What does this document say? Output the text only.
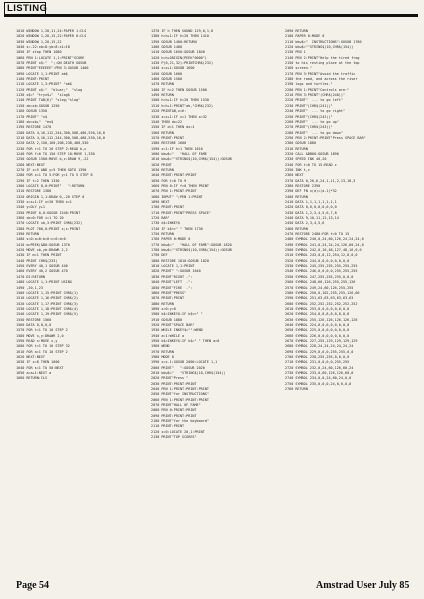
LISTING
1010 WINDOW 1,20,11,24:PAPER 1:CLS
1020 WINDOW 1,20,15,22:PAPER 0:CLS
1030 WINDOW 1,20,15,22
1040 s=-22:xb=8:yb=8:x1=18
1050 IF stop THEN 1080
1060 PEN 1:LOCATE 1,1:PRINT"SCORE
1070 PRINT x$:"  ";:ON DEATH GOSUB
1080 PRINT"EEEEEE":PEN 3:GOSUB 1400
1090 LOCATE 1,1:PRINT ab$
1100 PRINT:PRINT
1110 LOCATE 1,3:PRINT" "ab$
1120 PRINT x$:"  "bluar;"  "slog
1130 x$=" "tryx$+"  "slog$
1140 PRINT TAB(6)" "slog;"slog"
1150 xb=xb:GOSUB 1250
1160 GOSUB 1350
1170 PRINT" "x$
1180 xb=xb+"  "ex$
1190 RESTORE 1470
1200 DATA 4,16,112,244,300,508,480,530,16,8
1210 DATA 4,16,112,244,300,508,480,530,16,8
1220 DATA 2,150,160,208,238,480,530
1230 FOR r=1 TO 20 STEP 2:READ b,c
1240 FOR f=0 TO 150 STEP 10:MOVE 1,330
1250 GOSUB 1500:MOVE b,c:DRAW 9,-22
1260 NEXT:NEXT
1270 IF x=5 AND y=5 THEN GOTO 1390
1280 FOR x=1 TO 5:FOR y=1 TO 5 STEP 8
1290 IF t=2 THEN 1330
1300 LOCATE 8,0:PRINT"   ":RETURN
1310 RESTORE 1380
1320 ORIGIN 1,1:DRAW 0,-20 STEP 8
1330 x=x+1:IF x>20 THEN x=1
1340 y=OLY y+1
1350 PRINT 0,0:GOSUB 1540:PRINT
1360 xb=0:FOR i=1 TO 20
1370 LOCATE xb,3:PRINT CHR$(232)
1380 PLOT 700,0:PRINT x;z:PRINT
1390 RETURN
1400 s=0:a=0:b=0:c=0:d=0
1410 m=PEEK(&B0:GOSUB 1370
1420 MOVE xb,yb:DRAWR 2,2
1430 IF m=1 THEN PRINT
1440 PRINT CHR$(233)
1450 EVERY 40,1 GOSUB 440
1460 EVERY 40,2 GOSUB 470
1470 DI:RETURN
1480 LOCATE 1,1:PRINT USING
1490 ,20,1,23
1500 LOCATE 1,15:PRINT CHR$(1)
1510 LOCATE 1,16:PRINT CHR$(2)
1520 LOCATE 1,17:PRINT CHR$(3)
1530 LOCATE 1,18:PRINT CHR$(4)
1540 LOCATE 1,19:PRINT CHR$(5)
1550 RESTORE 1560
1560 DATA 8,8,0,0
1570 FOR t=1 TO 10 STEP 2
1580 MOVE x,y:DRAWR 2,0
1590 READ x:MOVE x,y
1600 FOR t=1 TO 10 STEP 32
1610 FOR a=1 TO 10 STEP 2
1620 NEXT:NEXT
1630 IF x=8 THEN 1600
1640 FOR s=1 TO 50:NEXT
1650 a=a+1:NEXT a
1660 RETURN:CLS
1370 IF h THEN SOUND 129,0,1,0
1380 h=h+1:IF h=20 THEN 1410
1390 GOSUB 1400:RETURN
1400 GOSUB 1480
1410 GOSUB 1650:GOSUB 1840
1420 h=h+ORIGIN(PEEK"0000")
1430 P(0,21,32):PRINTCHR$(232)
1440 x=x+1:GOSUB 1600
1450 GOSUB 1600
1460 GOSUB 1500
1470 RETURN
1480 IF h=2 THEN GOSUB 1500
1490 RETURN
1500 h=h+1:IF h=20 THEN 1530
1510 h=h+1:PRINT"ab,"CHR$(232)
1520 PRINTAB,x=6:
1530 x=x+1:IF x=1 THEN x=32
1540 THEN dx=22
1550 IF d=1 THEN dx=1
1560 RETURN
1570 PRINT:PRINT
1580 RESTORE 1600
1590 x=1:IF h=1 THEN 1610
1600 bkw$="   "HALL OF FAME
1610 bkw$=""STRING$(10,CHR$(154)):GOSUB
1620 PRINT
1630 RETURN
1640 PRINT:PRINT:PRINT
1650 FOR t=0 TO 9
1660 PEN 0:IF f=0 THEN PRINT
1670 PEN 1:PRINT:PRINT
1680 INPUT" ";PEN 1:PRINT
1690 NEXT
1700 PRINT:PRINT
1710 PRINT:PRINT"PRESS SPACE"
1720 BAR"
1730 k$=INKEY$
1740 IF k$<>" " THEN 1730
1750 RETURN
1760 PAPER 0:MODE 0
1770 bkw$="   "HALL OF FAME":GOSUB 1820
1780 bkw$=""STRING$(10,CHR$(154)):GOSUB
1790 DEF
1800 RESTORE 1810:GOSUB 1820
1810 LOCATE 1,1:PRINT
1820 PRINT" ":GOSUB 1640
1830 PRINT"RIGHT -":
1840 PRINT"LEFT  -":
1850 PRINT"FIRE  -":
1860 PRINT"PRESS"
1870 PRINT:PRINT
1880 RETURN
1890 x=0:y=0
1900 k$=INKEY$:IF k$<>" "
1910 GOSUB 1880
1920 PRINT"SPACE BAR"
1930 WHILE INKEY$="":WEND
1940 a=1:WHILE a
1950 k$=INKEY$:IF k$=" " THEN a=0
1960 WEND
1970 RETURN
1980 MODE 0
1990 x=x-1:GOSUB 2000:LOCATE 1,1
2000 PRINT"   ":GOSUB 2020
2010 bkw$="   "STRING$(10,CHR$(154))
2020 PRINT"Press "
2030 PRINT:PRINT:PRINT
2040 PEN 1:PRINT:PRINT:PRINT
2050 PRINT"for INSTRUCTIONS"
2060 PEN 1:PRINT:PRINT:PRINT
2070 PRINT"HALL OF FAME"
2080 PEN 0:PRINT:PRINT
2090 PRINT:PRINT:PRINT
2100 PRINT"for the keyboard"
2110 PRINT:PRINT
2120 x=0:LOCATE 20,1:PRINT
2130 PRINT"TOP SCORES"
2090 RETURN
2100 PAPER 0:MODE 0
2110 bkw$="  INSTRUCTIONS":GOSUB 1780
2120 bkw$=""STRING$(10,CHR$(154))
2130 PEN 1
2140 PEN 2:PRINT"Help the tired frog
2150 to his resting place at the top
2160 screen."
2170 PEN 3:PRINT"Avoid the traffic
2180 the road, and across the river
2190 logs and turtles."
2200 PEN 1:PRINT"Controls are:"
2210 PEN 3:PRINT"(CHR$(240))"
2220 PRINT"  ... to go left"
2230 PRINT"(CHR$(241))"
2240 PRINT"  ... to go right"
2250 PRINT"(CHR$(242))"
2260 PRINT"  ... to go up"
2270 PRINT"(CHR$(243))"
2280 PRINT"  ... to go down"
2290 PEN 2:PRINT:PRINT"Press SPACE BAR"
2300 GOSUB 1880
2310 RETURN
2320 CALL &BB00:GOSUB 1890
2330 SPEED INK 40,20
2340 FOR t=0 TO 15:READ c
2350 INK t,c
2360 NEXT
2370 DATA 0,26,6,24,1,11,2,13,18,3
2380 RESTORE 2390
2390 DEF FN x(a)=(a-1)*32
2400 RETURN
2410 DATA 1,1,1,1,1,1,1,1
2420 DATA 0,0,0,0,0,0,0,0
2430 DATA 1,2,3,4,5,6,7,8
2440 DATA 9,10,11,12,13,14
2450 DATA 2,3,4,5,6
2460 RETURN
2470 RESTORE 2480:FOR t=0 TO 15
2480 SYMBOL 240,0,24,60,126,24,24,24,0
2490 SYMBOL 241,0,24,24,24,126,60,24,0
2500 SYMBOL 242,0,16,48,127,48,16,0,0
2510 SYMBOL 243,0,8,12,254,12,8,0,0
2520 SYMBOL 244,0,0,0,0,0,0,0,0
2530 SYMBOL 245,255,255,255,255,255
2540 SYMBOL 246,0,0,0,0,255,255,255
2550 SYMBOL 247,255,255,255,0,0,0
2560 SYMBOL 248,60,126,255,255,126
2570 SYMBOL 249,24,60,126,255,255
2580 SYMBOL 250,0,102,255,255,126,60
2590 SYMBOL 251,63,63,63,63,63,63
2600 SYMBOL 252,252,252,252,252,252
2610 SYMBOL 253,0,0,0,0,0,0,0,0
2620 SYMBOL 254,8,8,8,8,8,8,8,8
2630 SYMBOL 255,126,126,126,126,126
2640 SYMBOL 224,0,0,0,0,0,0,0,0
2650 SYMBOL 225,0,0,0,0,0,0,0,0
2660 SYMBOL 226,0,0,0,0,0,0,0,0
2670 SYMBOL 227,255,129,129,129,129
2680 SYMBOL 228,24,24,24,24,24,24
2690 SYMBOL 229,0,0,0,255,255,0,0
2700 SYMBOL 230,255,255,0,0,0,0
2710 SYMBOL 231,0,0,0,0,255,255
2720 SYMBOL 232,0,24,60,126,60,24
2730 SYMBOL 233,0,60,126,126,60,0
2740 SYMBOL 234,0,0,24,60,24,0,0
2750 SYMBOL 235,0,0,0,24,0,0,0,0
2760 RETURN
Page 54	Amstrad User July 85
